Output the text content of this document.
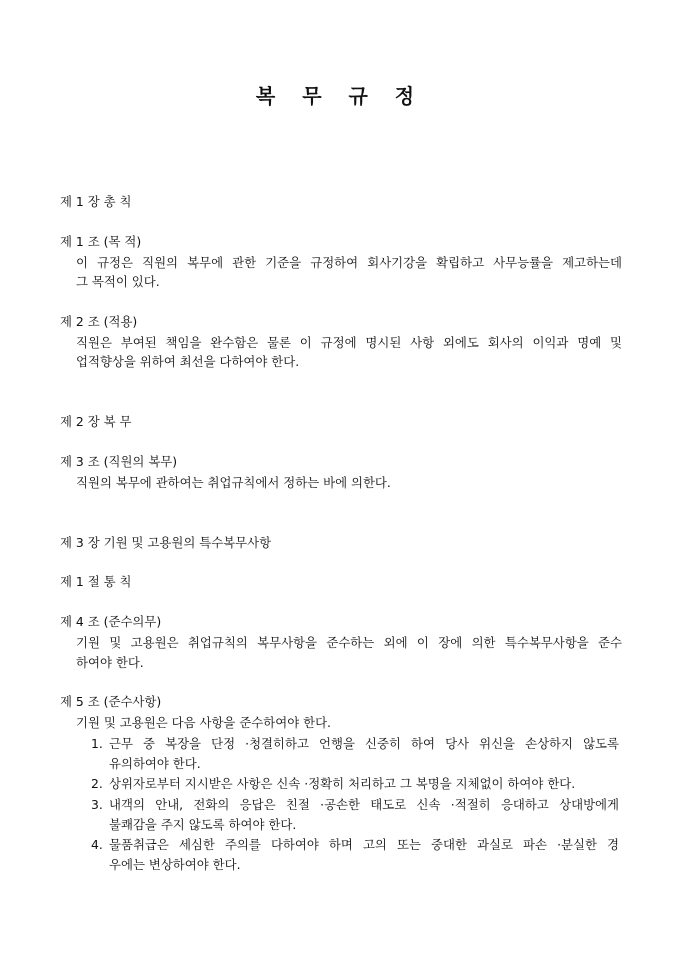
복 무 규 정
제 1 장 총 칙
제 1 조 (목 적)
이 규정은 직원의 복무에 관한 기준을 규정하여 회사기강을 확립하고 사무능률을 제고하는데
그 목적이 있다.
제 2 조 (적용)
직원은 부여된 책임을 완수함은 물론 이 규정에 명시된 사항 외에도 회사의 이익과 명예 및
업적향상을 위하여 최선을 다하여야 한다.
제 2 장 복 무
제 3 조 (직원의 복무)
직원의 복무에 관하여는 취업규칙에서 정하는 바에 의한다.
제 3 장 기원 및 고용원의 특수복무사항
제 1 절 통 칙
제 4 조 (준수의무)
기원 및 고용원은 취업규칙의 복무사항을 준수하는 외에 이 장에 의한 특수복무사항을 준수
하여야 한다.
제 5 조 (준수사항)
기원 및 고용원은 다음 사항을 준수하여야 한다.
1. 근무 중 복장을 단정 ·청결히하고 언행을 신중히 하여 당사 위신을 손상하지 않도록
유의하여야 한다.
2. 상위자로부터 지시받은 사항은 신속 ·정확히 처리하고 그 복명을 지체없이 하여야 한다.
3. 내객의 안내, 전화의 응답은 친절 ·공손한 태도로 신속 ·적절히 응대하고 상대방에게
불쾌감을 주지 않도록 하여야 한다.
4. 물품취급은 세심한 주의를 다하여야 하며 고의 또는 중대한 과실로 파손 ·분실한 경
우에는 변상하여야 한다.
